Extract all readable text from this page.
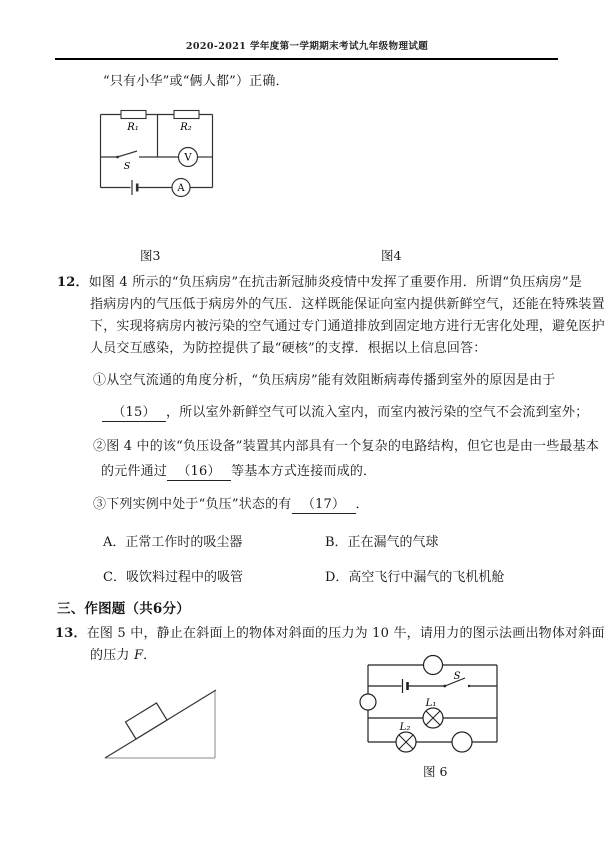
2020-2021 学年度第一学期期末考试九年级物理试题
“只有小华”或“俩人都”）正确．
R₁	R₂
S
V
A
图3	图4
12．如图 4 所示的“负压病房”在抗击新冠肺炎疫情中发挥了重要作用．所谓“负压病房”是
指病房内的气压低于病房外的气压．这样既能保证向室内提供新鲜空气，还能在特殊装置
下，实现将病房内被污染的空气通过专门通道排放到固定地方进行无害化处理，避免医护
人员交互感染，为防控提供了最“硬核”的支撑．根据以上信息回答：
①从空气流通的角度分析，“负压病房”能有效阻断病毒传播到室外的原因是由于
（15） ，所以室外新鲜空气可以流入室内，而室内被污染的空气不会流到室外；
②图 4 中的该“负压设备”装置其内部具有一个复杂的电路结构，但它也是由一些最基本
的元件通过 （16） 等基本方式连接而成的．
③下列实例中处于“负压”状态的有 （17） ．
A．正常工作时的吸尘器	B．正在漏气的气球
C．吸饮料过程中的吸管	D．高空飞行中漏气的飞机机舱
三、作图题（共6分）
13．在图 5 中，静止在斜面上的物体对斜面的压力为 10 牛，请用力的图示法画出物体对斜面
的压力 F．
S
L₁
L₂
图 6
